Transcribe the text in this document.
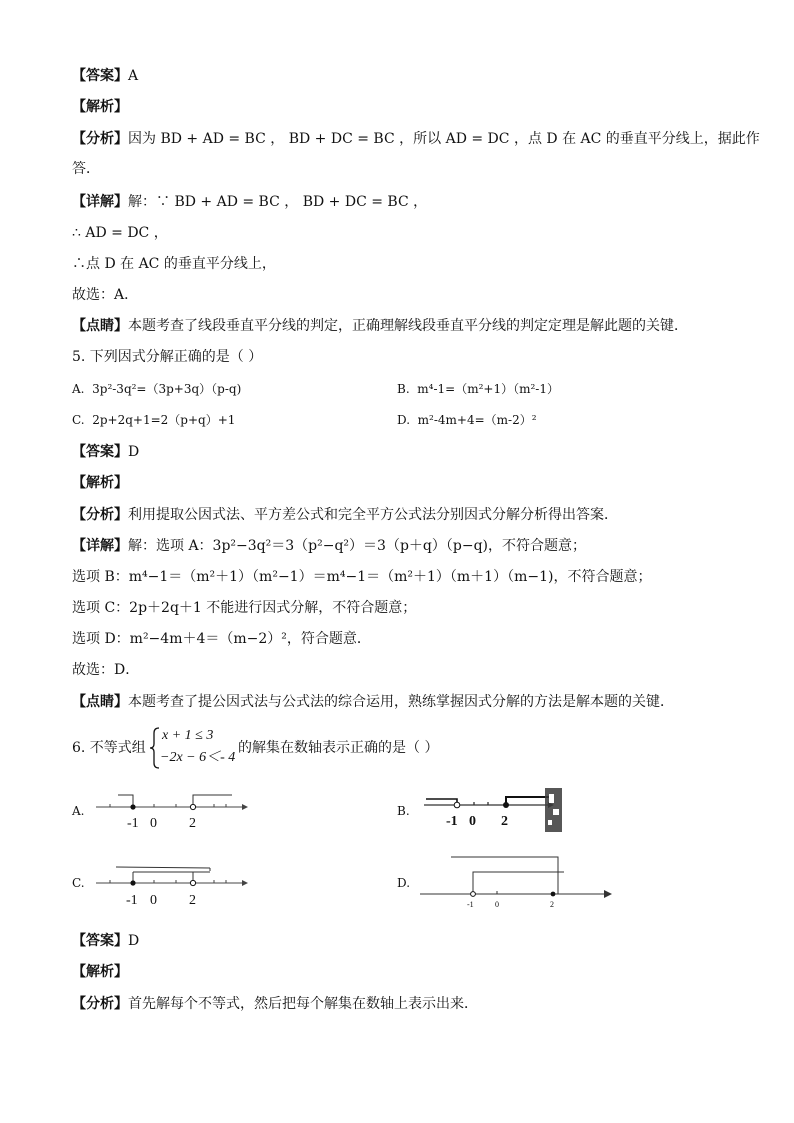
【答案】A
【解析】
【分析】因为 BD + AD = BC ， BD + DC = BC ，所以 AD = DC ，点 D 在 AC 的垂直平分线上，据此作
答．
【详解】解：∵ BD + AD = BC ， BD + DC = BC ，
∴ AD = DC ，
∴点 D 在 AC 的垂直平分线上，
故选：A．
【点睛】本题考查了线段垂直平分线的判定，正确理解线段垂直平分线的判定定理是解此题的关键．
5. 下列因式分解正确的是（ ）
A. 3p²-3q²=（3p+3q）（p-q)	B. m⁴-1=（m²+1）（m²-1）
C. 2p+2q+1=2（p+q）+1	D. m²-4m+4=（m-2）²
【答案】D
【解析】
【分析】利用提取公因式法、平方差公式和完全平方公式法分别因式分解分析得出答案．
【详解】解：选项 A：3p²−3q²＝3（p²−q²）＝3（p＋q）（p−q)，不符合题意；
选项 B：m⁴−1＝（m²＋1）（m²−1）＝m⁴−1＝（m²＋1）（m＋1）（m−1)，不符合题意；
选项 C：2p＋2q＋1 不能进行因式分解，不符合题意；
选项 D：m²−4m＋4＝（m−2）²，符合题意．
故选：D．
【点睛】本题考查了提公因式法与公式法的综合运用，熟练掌握因式分解的方法是解本题的关键．
6. 不等式组
x + 1 ≤ 3
−2x − 6＜- 4
的解集在数轴表示正确的是（ ）
A.
-1 0 2
B.
-1 0 2
C.
-1 0 2
D.
-1	0	2
【答案】D
【解析】
【分析】首先解每个不等式，然后把每个解集在数轴上表示出来．
